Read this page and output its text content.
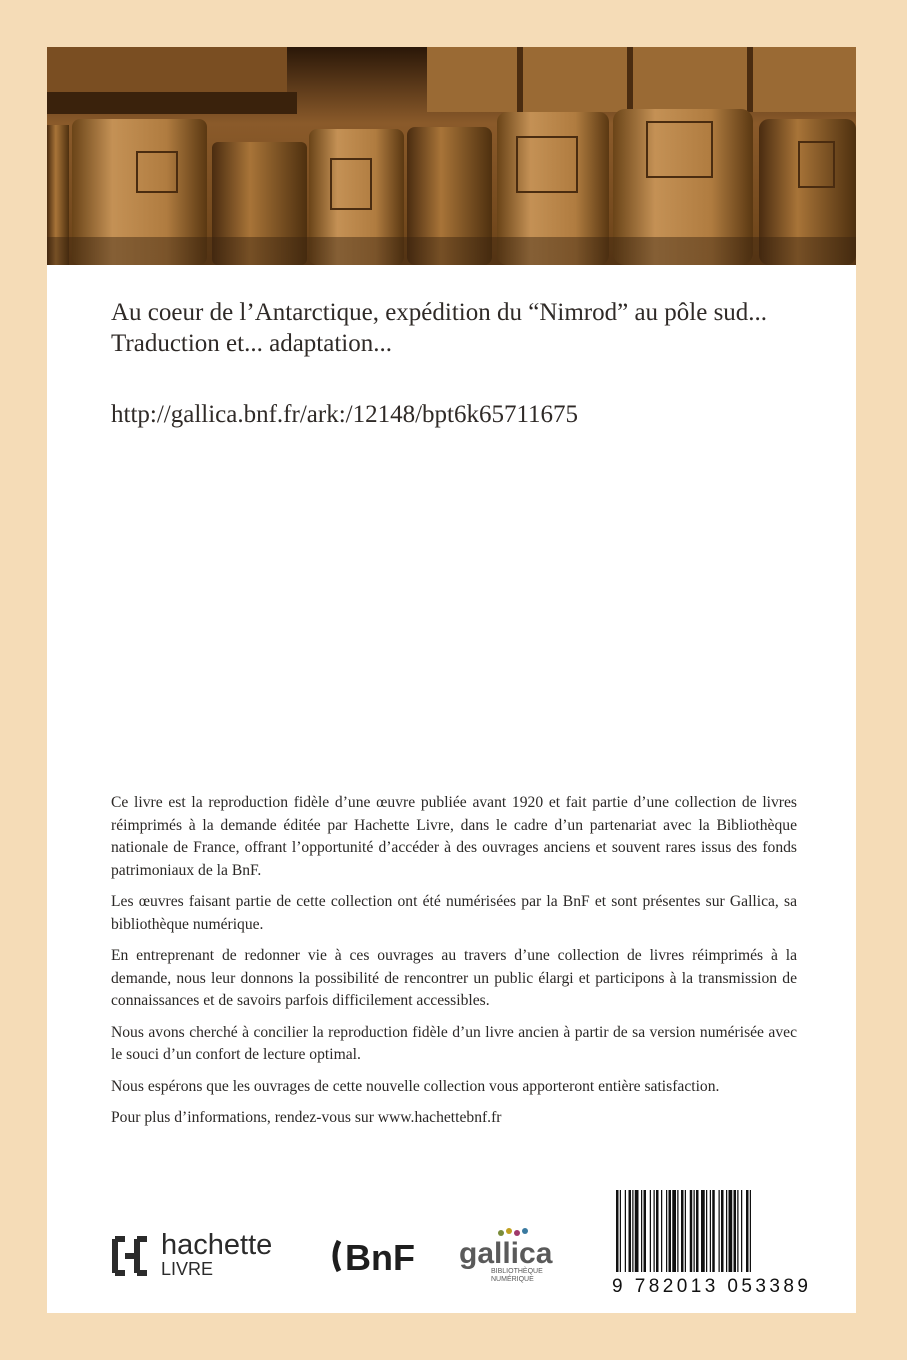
Au coeur de l’Antarctique, expédition du “Nimrod” au pôle sud... Traduction et... adaptation...
http://gallica.bnf.fr/ark:/12148/bpt6k65711675

Ce livre est la reproduction fidèle d’une œuvre publiée avant 1920 et fait partie d’une collection de livres réimprimés à la demande éditée par Hachette Livre, dans le cadre d’un partenariat avec la Bibliothèque nationale de France, offrant l’opportunité d’accéder à des ouvrages anciens et souvent rares issus des fonds patrimoniaux de la BnF.

Les œuvres faisant partie de cette collection ont été numérisées par la BnF et sont présentes sur Gallica, sa bibliothèque numérique.

En entreprenant de redonner vie à ces ouvrages au travers d’une collection de livres réimprimés à la demande, nous leur donnons la possibilité de rencontrer un public élargi et participons à la transmission de connaissances et de savoirs parfois difficilement accessibles.

Nous avons cherché à concilier la reproduction fidèle d’un livre ancien à partir de sa version numérisée avec le souci d’un confort de lecture optimal.

Nous espérons que les ouvrages de cette nouvelle collection vous apporteront entière satisfaction.

Pour plus d’informations, rendez-vous sur www.hachettebnf.fr

hachette
LIVRE	BnF gallica
BIBLIOTHÈQUE
NUMÉRIQUE	9 782013 053389
